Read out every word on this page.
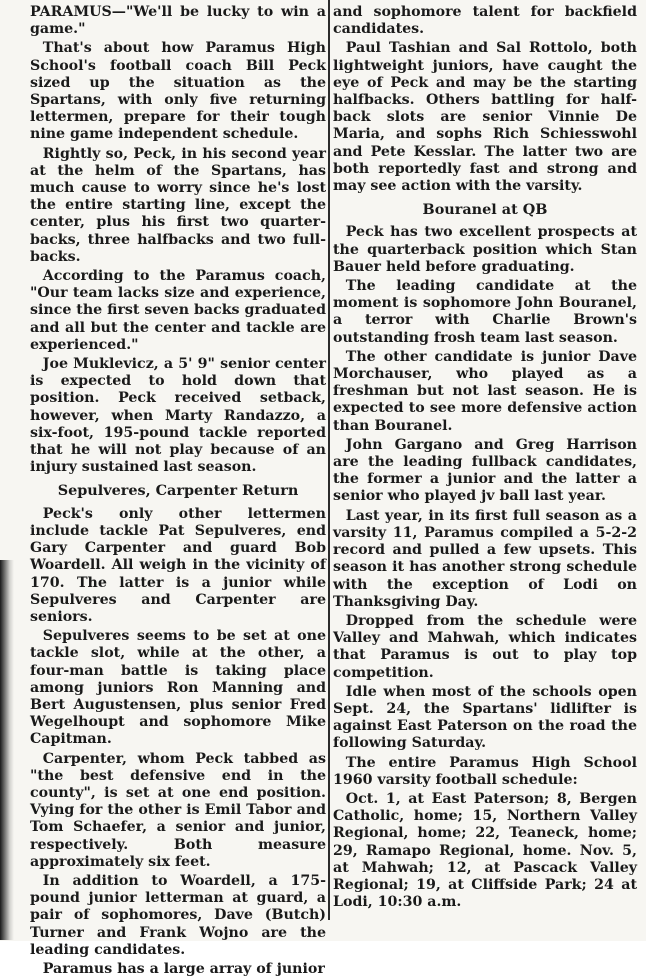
PARAMUS—"We'll be lucky to win a game."

That's about how Paramus High School's football coach Bill Peck sized up the situation as the Spartans, with only five returning lettermen, prepare for their tough nine game independent schedule.

Rightly so, Peck, in his second year at the helm of the Spartans, has much cause to worry since he's lost the entire starting line, except the center, plus his first two quarter-backs, three halfbacks and two full-backs.

According to the Paramus coach, "Our team lacks size and experience, since the first seven backs graduated and all but the center and tackle are experienced."

Joe Muklevicz, a 5' 9" senior center is expected to hold down that position. Peck received setback, however, when Marty Randazzo, a six-foot, 195-pound tackle reported that he will not play because of an injury sustained last season.

Sepulveres, Carpenter Return

Peck's only other lettermen include tackle Pat Sepulveres, end Gary Carpenter and guard Bob Woardell. All weigh in the vicinity of 170. The latter is a junior while Sepulveres and Carpenter are seniors.

Sepulveres seems to be set at one tackle slot, while at the other, a four-man battle is taking place among juniors Ron Manning and Bert Augustensen, plus senior Fred Wegelhoupt and sophomore Mike Capitman.

Carpenter, whom Peck tabbed as "the best defensive end in the county", is set at one end position. Vying for the other is Emil Tabor and Tom Schaefer, a senior and junior, respectively. Both measure approximately six feet.

In addition to Woardell, a 175-pound junior letterman at guard, a pair of sophomores, Dave (Butch) Turner and Frank Wojno are the leading candidates.

Paramus has a large array of junior

and sophomore talent for backfield candidates.

Paul Tashian and Sal Rottolo, both lightweight juniors, have caught the eye of Peck and may be the starting halfbacks. Others battling for half-back slots are senior Vinnie De Maria, and sophs Rich Schiesswohl and Pete Kesslar. The latter two are both reportedly fast and strong and may see action with the varsity.

Bouranel at QB

Peck has two excellent prospects at the quarterback position which Stan Bauer held before graduating.

The leading candidate at the moment is sophomore John Bouranel, a terror with Charlie Brown's outstanding frosh team last season.

The other candidate is junior Dave Morchauser, who played as a freshman but not last season. He is expected to see more defensive action than Bouranel.

John Gargano and Greg Harrison are the leading fullback candidates, the former a junior and the latter a senior who played jv ball last year.

Last year, in its first full season as a varsity 11, Paramus compiled a 5-2-2 record and pulled a few upsets. This season it has another strong schedule with the exception of Lodi on Thanksgiving Day.

Dropped from the schedule were Valley and Mahwah, which indicates that Paramus is out to play top competition.

Idle when most of the schools open Sept. 24, the Spartans' lidlifter is against East Paterson on the road the following Saturday.

The entire Paramus High School 1960 varsity football schedule:

Oct. 1, at East Paterson; 8, Bergen Catholic, home; 15, Northern Valley Regional, home; 22, Teaneck, home; 29, Ramapo Regional, home. Nov. 5, at Mahwah; 12, at Pascack Valley Regional; 19, at Cliffside Park; 24 at Lodi, 10:30 a.m.
